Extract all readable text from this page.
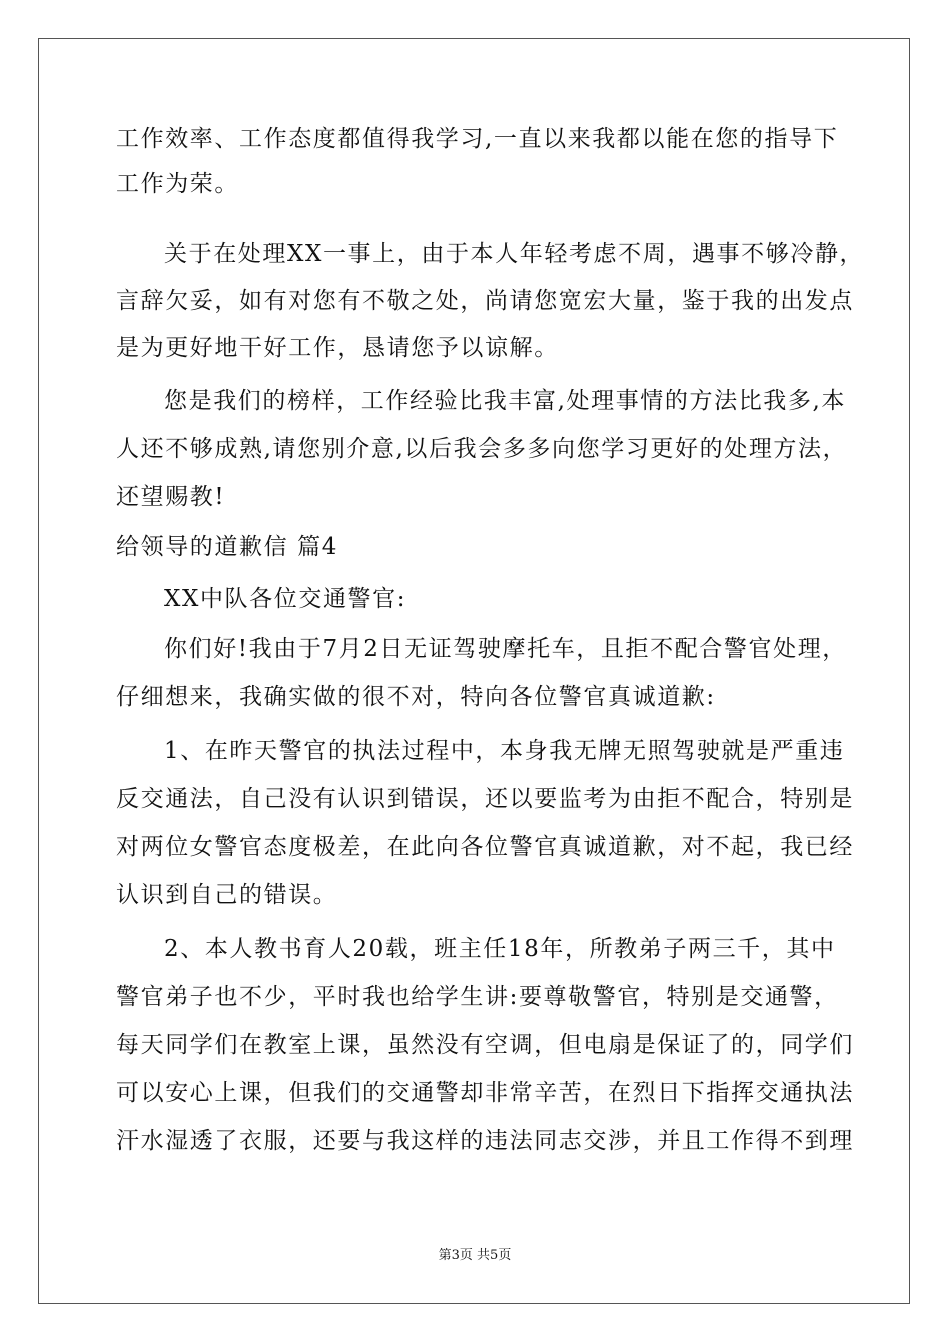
工作效率、工作态度都值得我学习,一直以来我都以能在您的指导下
工作为荣。
关于在处理XX一事上，由于本人年轻考虑不周，遇事不够冷静，
言辞欠妥，如有对您有不敬之处，尚请您宽宏大量，鉴于我的出发点
是为更好地干好工作，恳请您予以谅解。
您是我们的榜样，工作经验比我丰富,处理事情的方法比我多,本
人还不够成熟,请您别介意,以后我会多多向您学习更好的处理方法，
还望赐教!
给领导的道歉信 篇4
XX中队各位交通警官:
你们好!我由于7月2日无证驾驶摩托车，且拒不配合警官处理，
仔细想来，我确实做的很不对，特向各位警官真诚道歉:
1、在昨天警官的执法过程中，本身我无牌无照驾驶就是严重违
反交通法，自己没有认识到错误，还以要监考为由拒不配合，特别是
对两位女警官态度极差，在此向各位警官真诚道歉，对不起，我已经
认识到自己的错误。
2、本人教书育人20载，班主任18年，所教弟子两三千，其中
警官弟子也不少，平时我也给学生讲:要尊敬警官，特别是交通警，
每天同学们在教室上课，虽然没有空调，但电扇是保证了的，同学们
可以安心上课，但我们的交通警却非常辛苦，在烈日下指挥交通执法
汗水湿透了衣服，还要与我这样的违法同志交涉，并且工作得不到理
第3页 共5页
